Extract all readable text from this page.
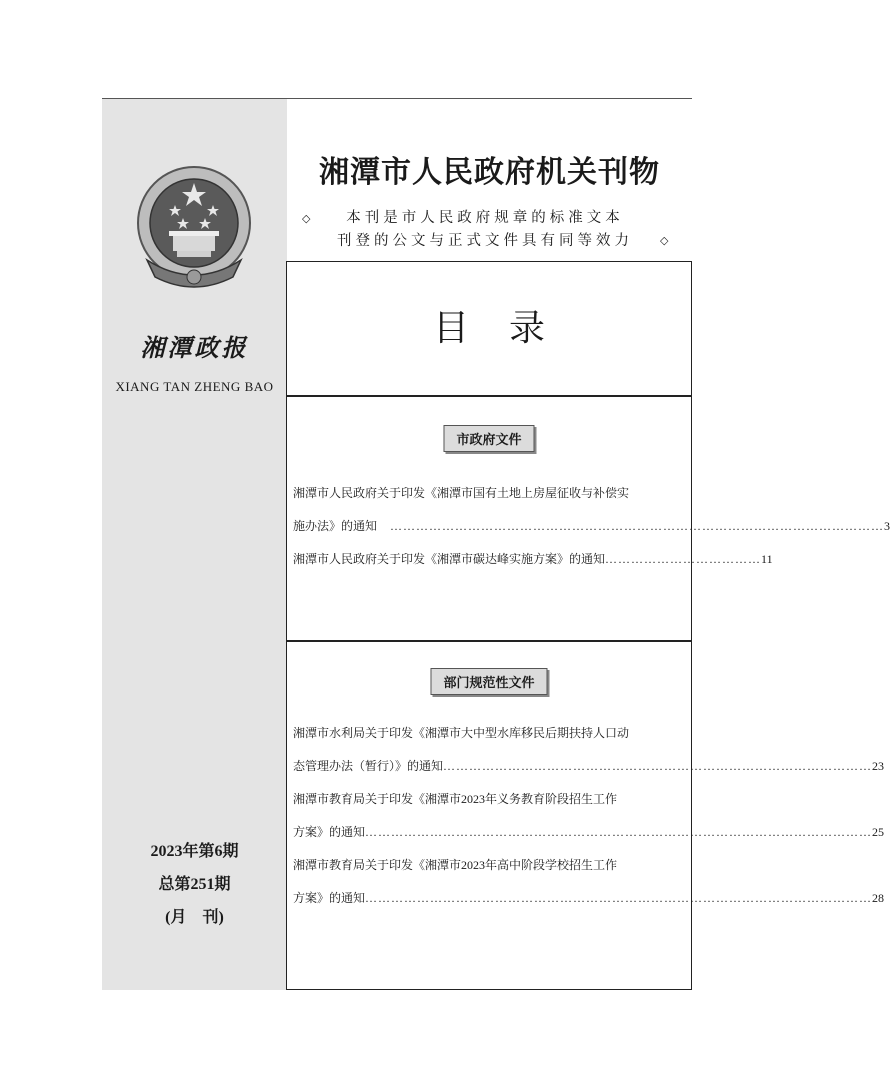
湘潭政报
XIANG TAN ZHENG BAO
2023年第6期
总第251期
(月　刊)
湘潭市人民政府机关刊物
◇	本刊是市人民政府规章的标准文本
刊登的公文与正式文件具有同等效力	◇
目录
市政府文件
湘潭市人民政府关于印发《湘潭市国有土地上房屋征收与补偿实
施办法》的通知 　…………………………………………………………………………………………………… 3
湘潭市人民政府关于印发《湘潭市碳达峰实施方案》的通知 ……………………………… 11
部门规范性文件
湘潭市水利局关于印发《湘潭市大中型水库移民后期扶持人口动
态管理办法（暂行）》的通知 ……………………………………………………………………………………… 23
湘潭市教育局关于印发《湘潭市2023年义务教育阶段招生工作
方案》的通知 ……………………………………………………………………………………………………… 25
湘潭市教育局关于印发《湘潭市2023年高中阶段学校招生工作
方案》的通知 ……………………………………………………………………………………………………… 28
